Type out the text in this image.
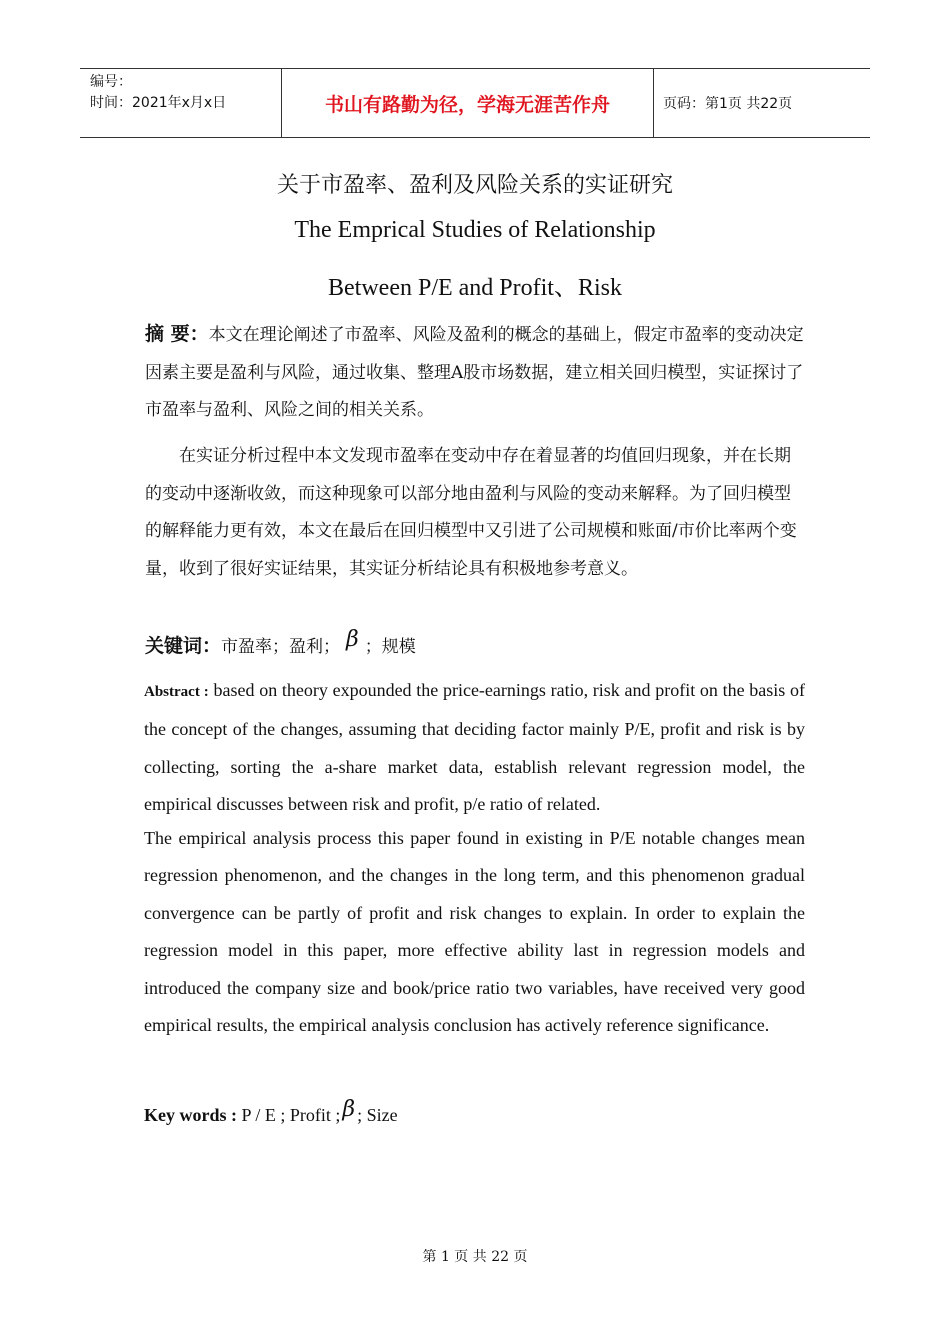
编号：
时间：2021年x月x日	书山有路勤为径，学海无涯苦作舟	页码：第1页 共22页
关于市盈率、盈利及风险关系的实证研究
The Emprical Studies of Relationship
Between P/E and Profit、Risk

摘 要：本文在理论阐述了市盈率、风险及盈利的概念的基础上，假定市盈率的变动决定因素主要是盈利与风险，通过收集、整理A股市场数据，建立相关回归模型，实证探讨了市盈率与盈利、风险之间的相关关系。

在实证分析过程中本文发现市盈率在变动中存在着显著的均值回归现象，并在长期的变动中逐渐收敛，而这种现象可以部分地由盈利与风险的变动来解释。为了回归模型的解释能力更有效，本文在最后在回归模型中又引进了公司规模和账面/市价比率两个变量，收到了很好实证结果，其实证分析结论具有积极地参考意义。

关键词：市盈率；盈利； β ；规模

Abstract : based on theory expounded the price-earnings ratio, risk and profit on the basis of the concept of the changes, assuming that deciding factor mainly P/E, profit and risk is by collecting, sorting the a-share market data, establish relevant regression model, the empirical discusses between risk and profit, p/e ratio of related.

The empirical analysis process this paper found in existing in P/E notable changes mean regression phenomenon, and the changes in the long term, and this phenomenon gradual convergence can be partly of profit and risk changes to explain. In order to explain the regression model in this paper, more effective ability last in regression models and introduced the company size and book/price ratio two variables, have received very good empirical results, the empirical analysis conclusion has actively reference significance.

Key words : P / E ; Profit ;β ; Size
第 1 页 共 22 页
